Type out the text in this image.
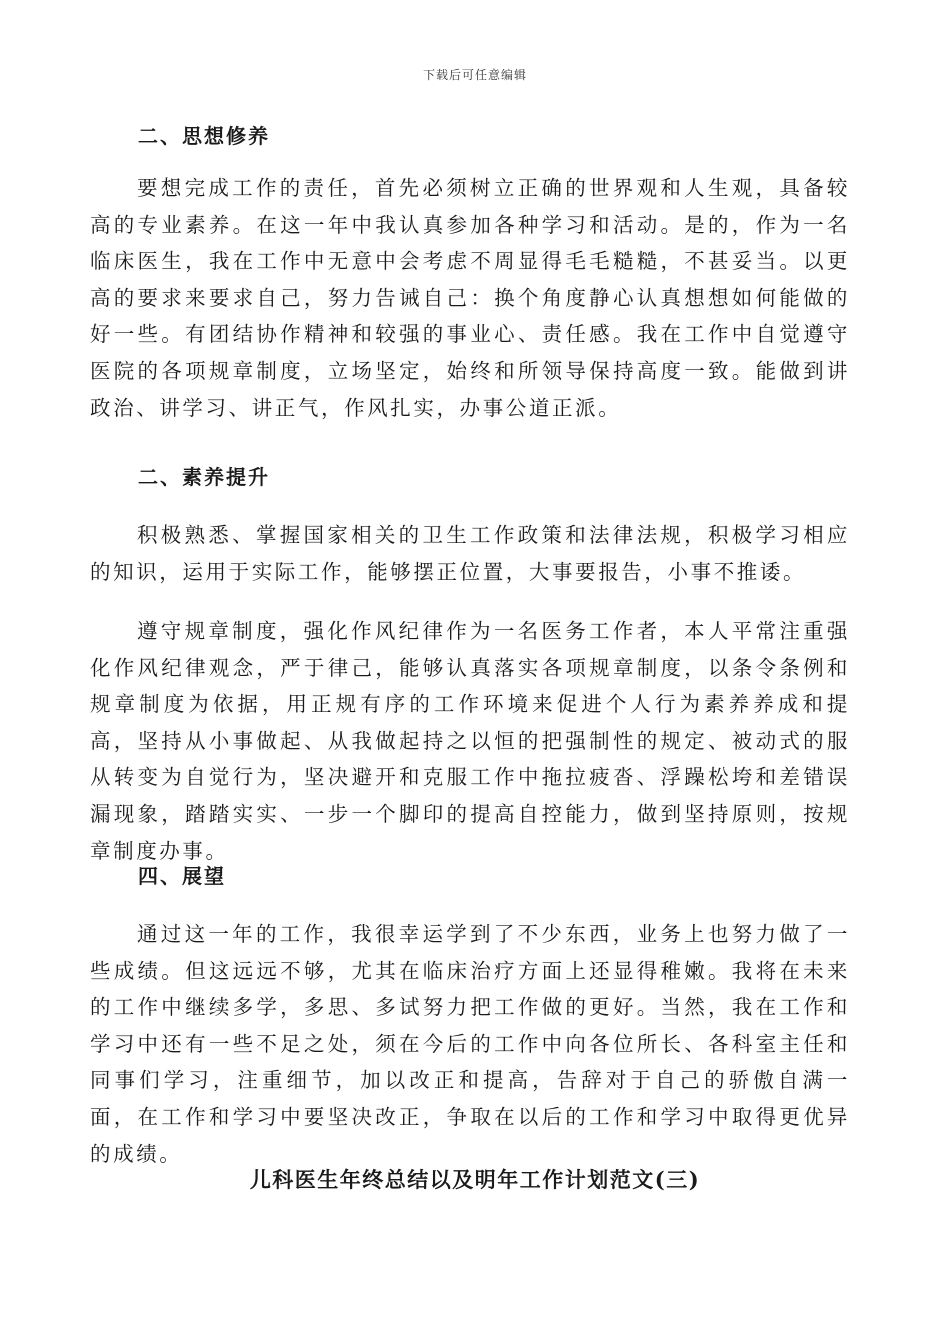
下载后可任意编辑
二、思想修养

要想完成工作的责任，首先必须树立正确的世界观和人生观，具备较高的专业素养。在这一年中我认真参加各种学习和活动。是的，作为一名临床医生，我在工作中无意中会考虑不周显得毛毛糙糙，不甚妥当。以更高的要求来要求自己，努力告诫自己：换个角度静心认真想想如何能做的好一些。有团结协作精神和较强的事业心、责任感。我在工作中自觉遵守医院的各项规章制度，立场坚定，始终和所领导保持高度一致。能做到讲政治、讲学习、讲正气，作风扎实，办事公道正派。

二、素养提升

积极熟悉、掌握国家相关的卫生工作政策和法律法规，积极学习相应的知识，运用于实际工作，能够摆正位置，大事要报告，小事不推诿。

遵守规章制度，强化作风纪律作为一名医务工作者，本人平常注重强化作风纪律观念，严于律己，能够认真落实各项规章制度，以条令条例和规章制度为依据，用正规有序的工作环境来促进个人行为素养养成和提高，坚持从小事做起、从我做起持之以恒的把强制性的规定、被动式的服从转变为自觉行为，坚决避开和克服工作中拖拉疲沓、浮躁松垮和差错误漏现象，踏踏实实、一步一个脚印的提高自控能力，做到坚持原则，按规章制度办事。

四、展望

通过这一年的工作，我很幸运学到了不少东西，业务上也努力做了一些成绩。但这远远不够，尤其在临床治疗方面上还显得稚嫩。我将在未来的工作中继续多学，多思、多试努力把工作做的更好。当然，我在工作和学习中还有一些不足之处，须在今后的工作中向各位所长、各科室主任和同事们学习，注重细节，加以改正和提高，告辞对于自己的骄傲自满一面，在工作和学习中要坚决改正，争取在以后的工作和学习中取得更优异的成绩。

儿科医生年终总结以及明年工作计划范文(三)
